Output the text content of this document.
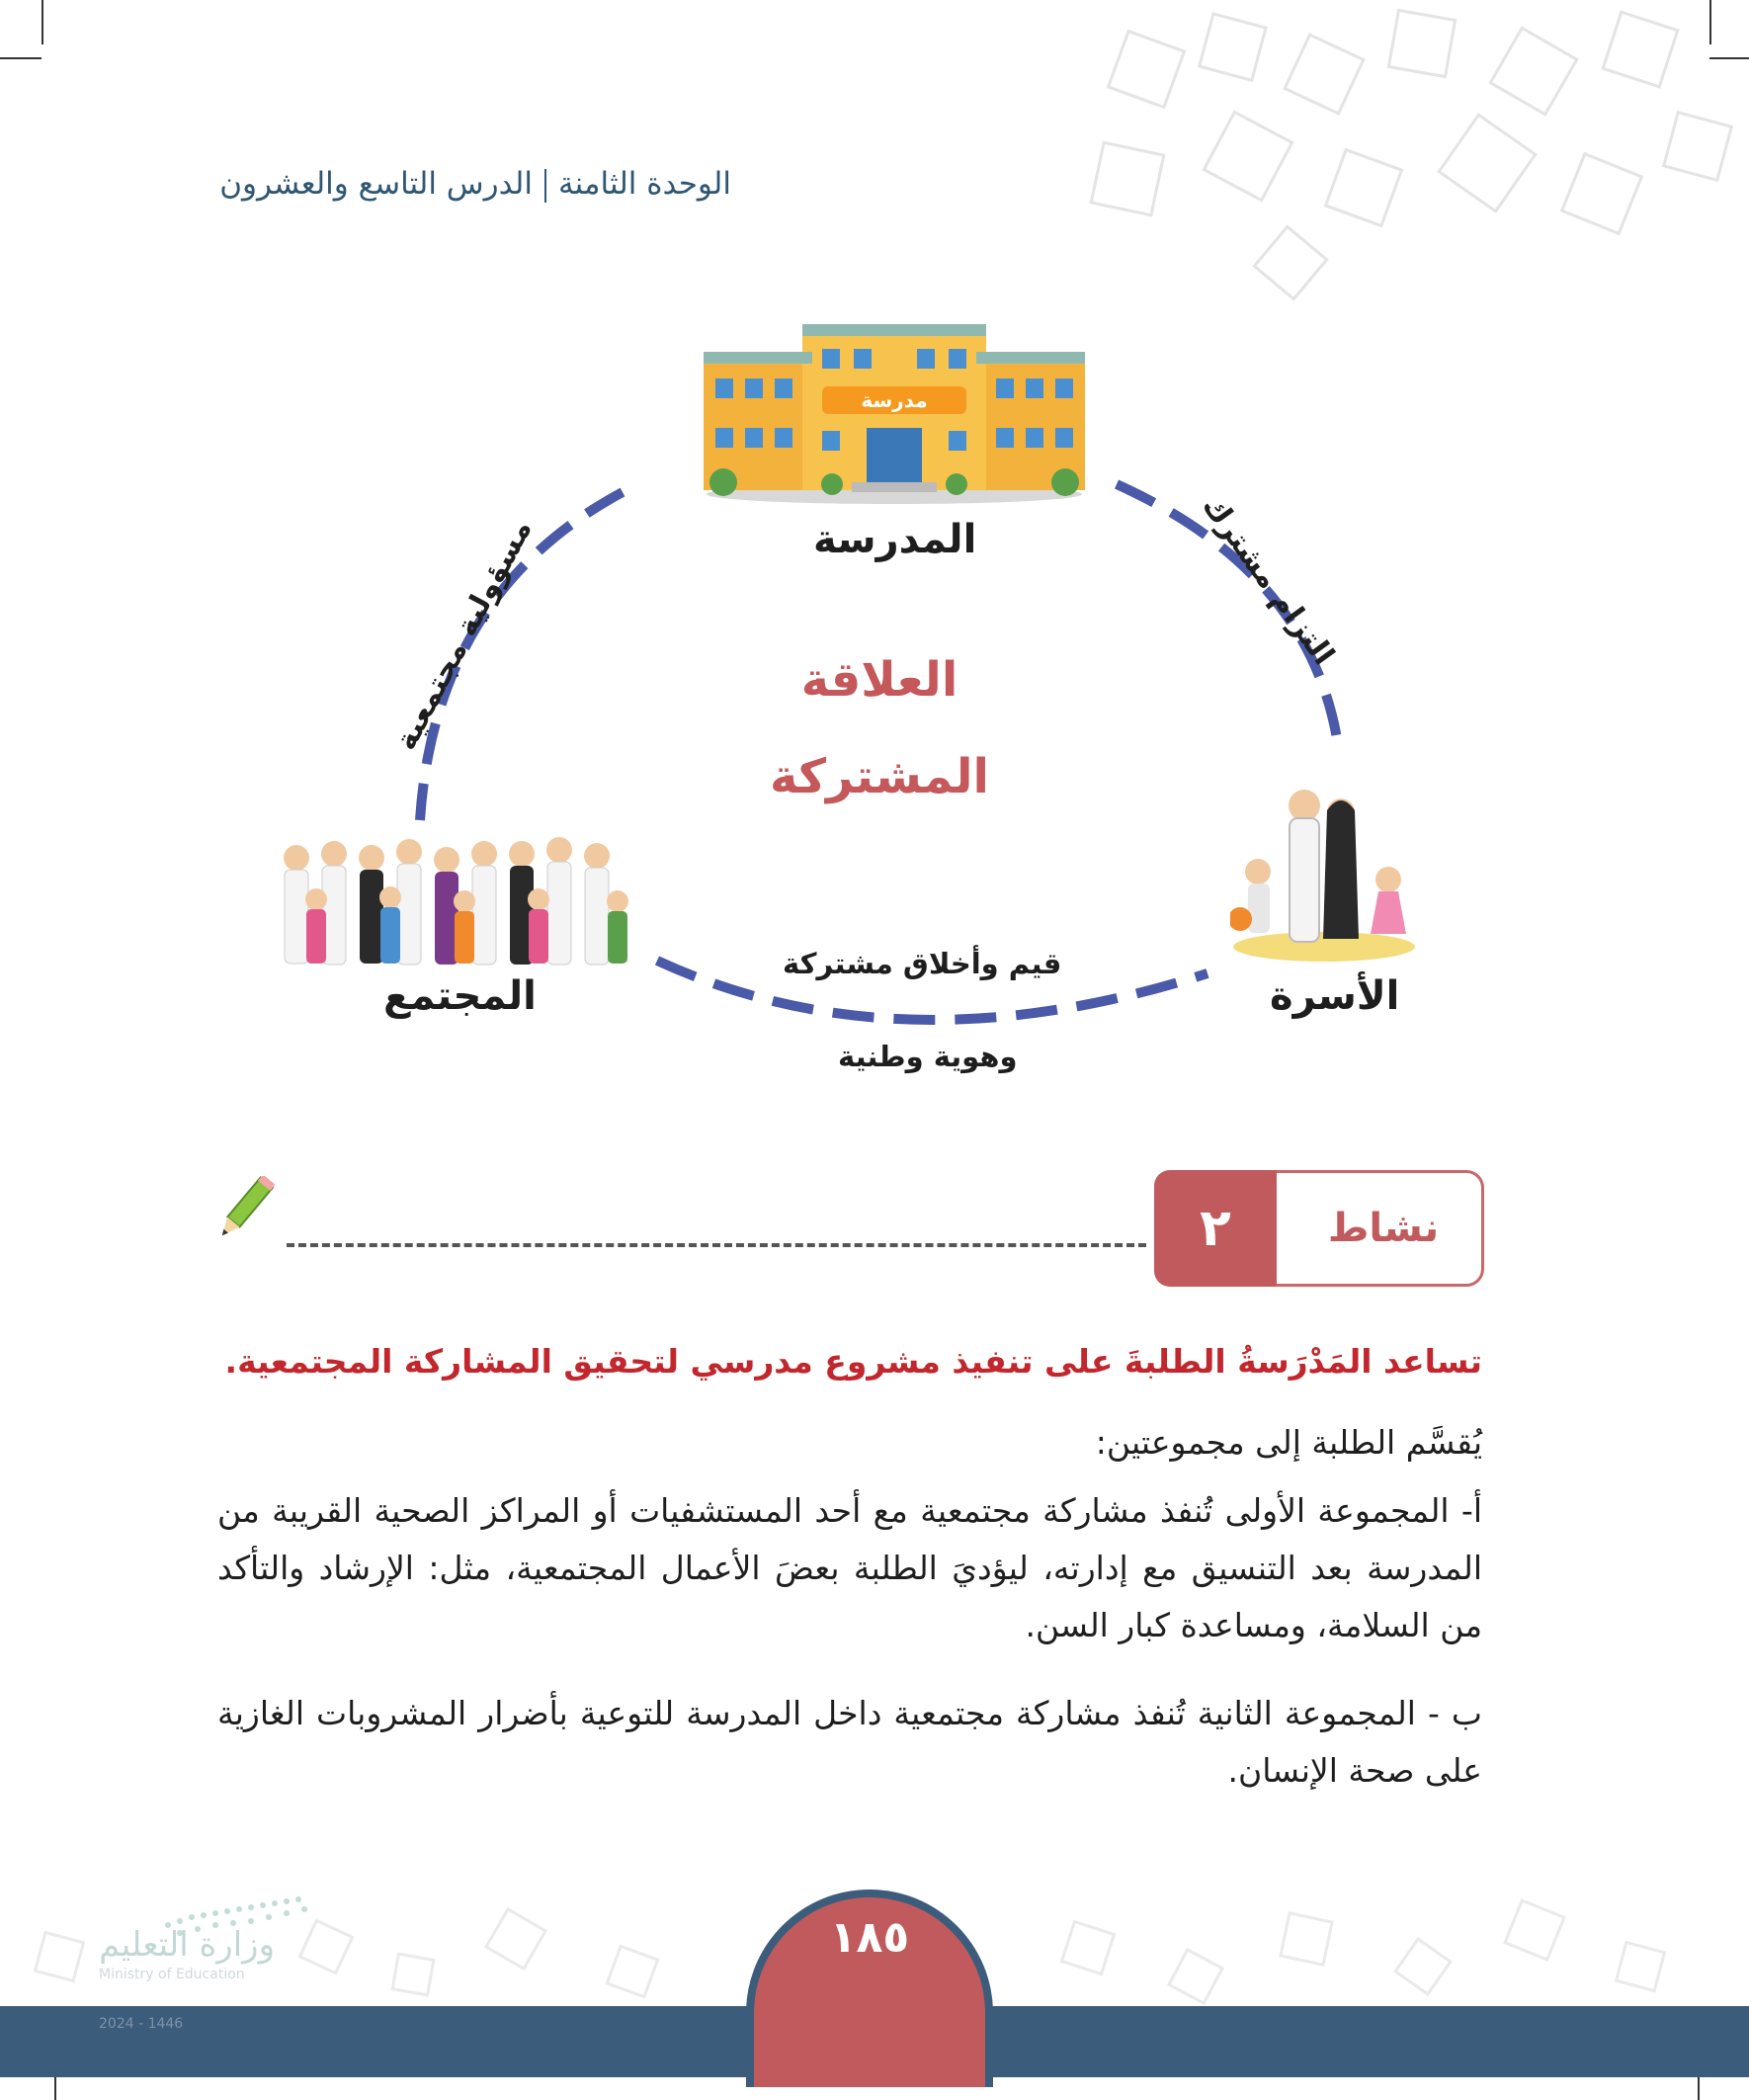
الوحدة الثامنةالدرس التاسع والعشرون
مدرسة
المدرسة
العلاقة
المشتركة
التزام مشترك
مسؤولية مجتمعية
الأسرة
المجتمع
قيم وأخلاق مشتركة
وهوية وطنية
٢	نشاط
تساعد المَدْرَسةُ الطلبةَ على تنفيذ مشروع مدرسي لتحقيق المشاركة المجتمعية.
يُقسَّم الطلبة إلى مجموعتين:
أ- المجموعة الأولى تُنفذ مشاركة مجتمعية مع أحد المستشفيات أو المراكز الصحية القريبة من المدرسة بعد التنسيق مع إدارته، ليؤديَ الطلبة بعضَ الأعمال المجتمعية، مثل: الإرشاد والتأكد من السلامة، ومساعدة كبار السن.
ب - المجموعة الثانية تُنفذ مشاركة مجتمعية داخل المدرسة للتوعية بأضرار المشروبات الغازية على صحة الإنسان.
وزارة التعليم
Ministry of Education
2024 - 1446
١٨٥
